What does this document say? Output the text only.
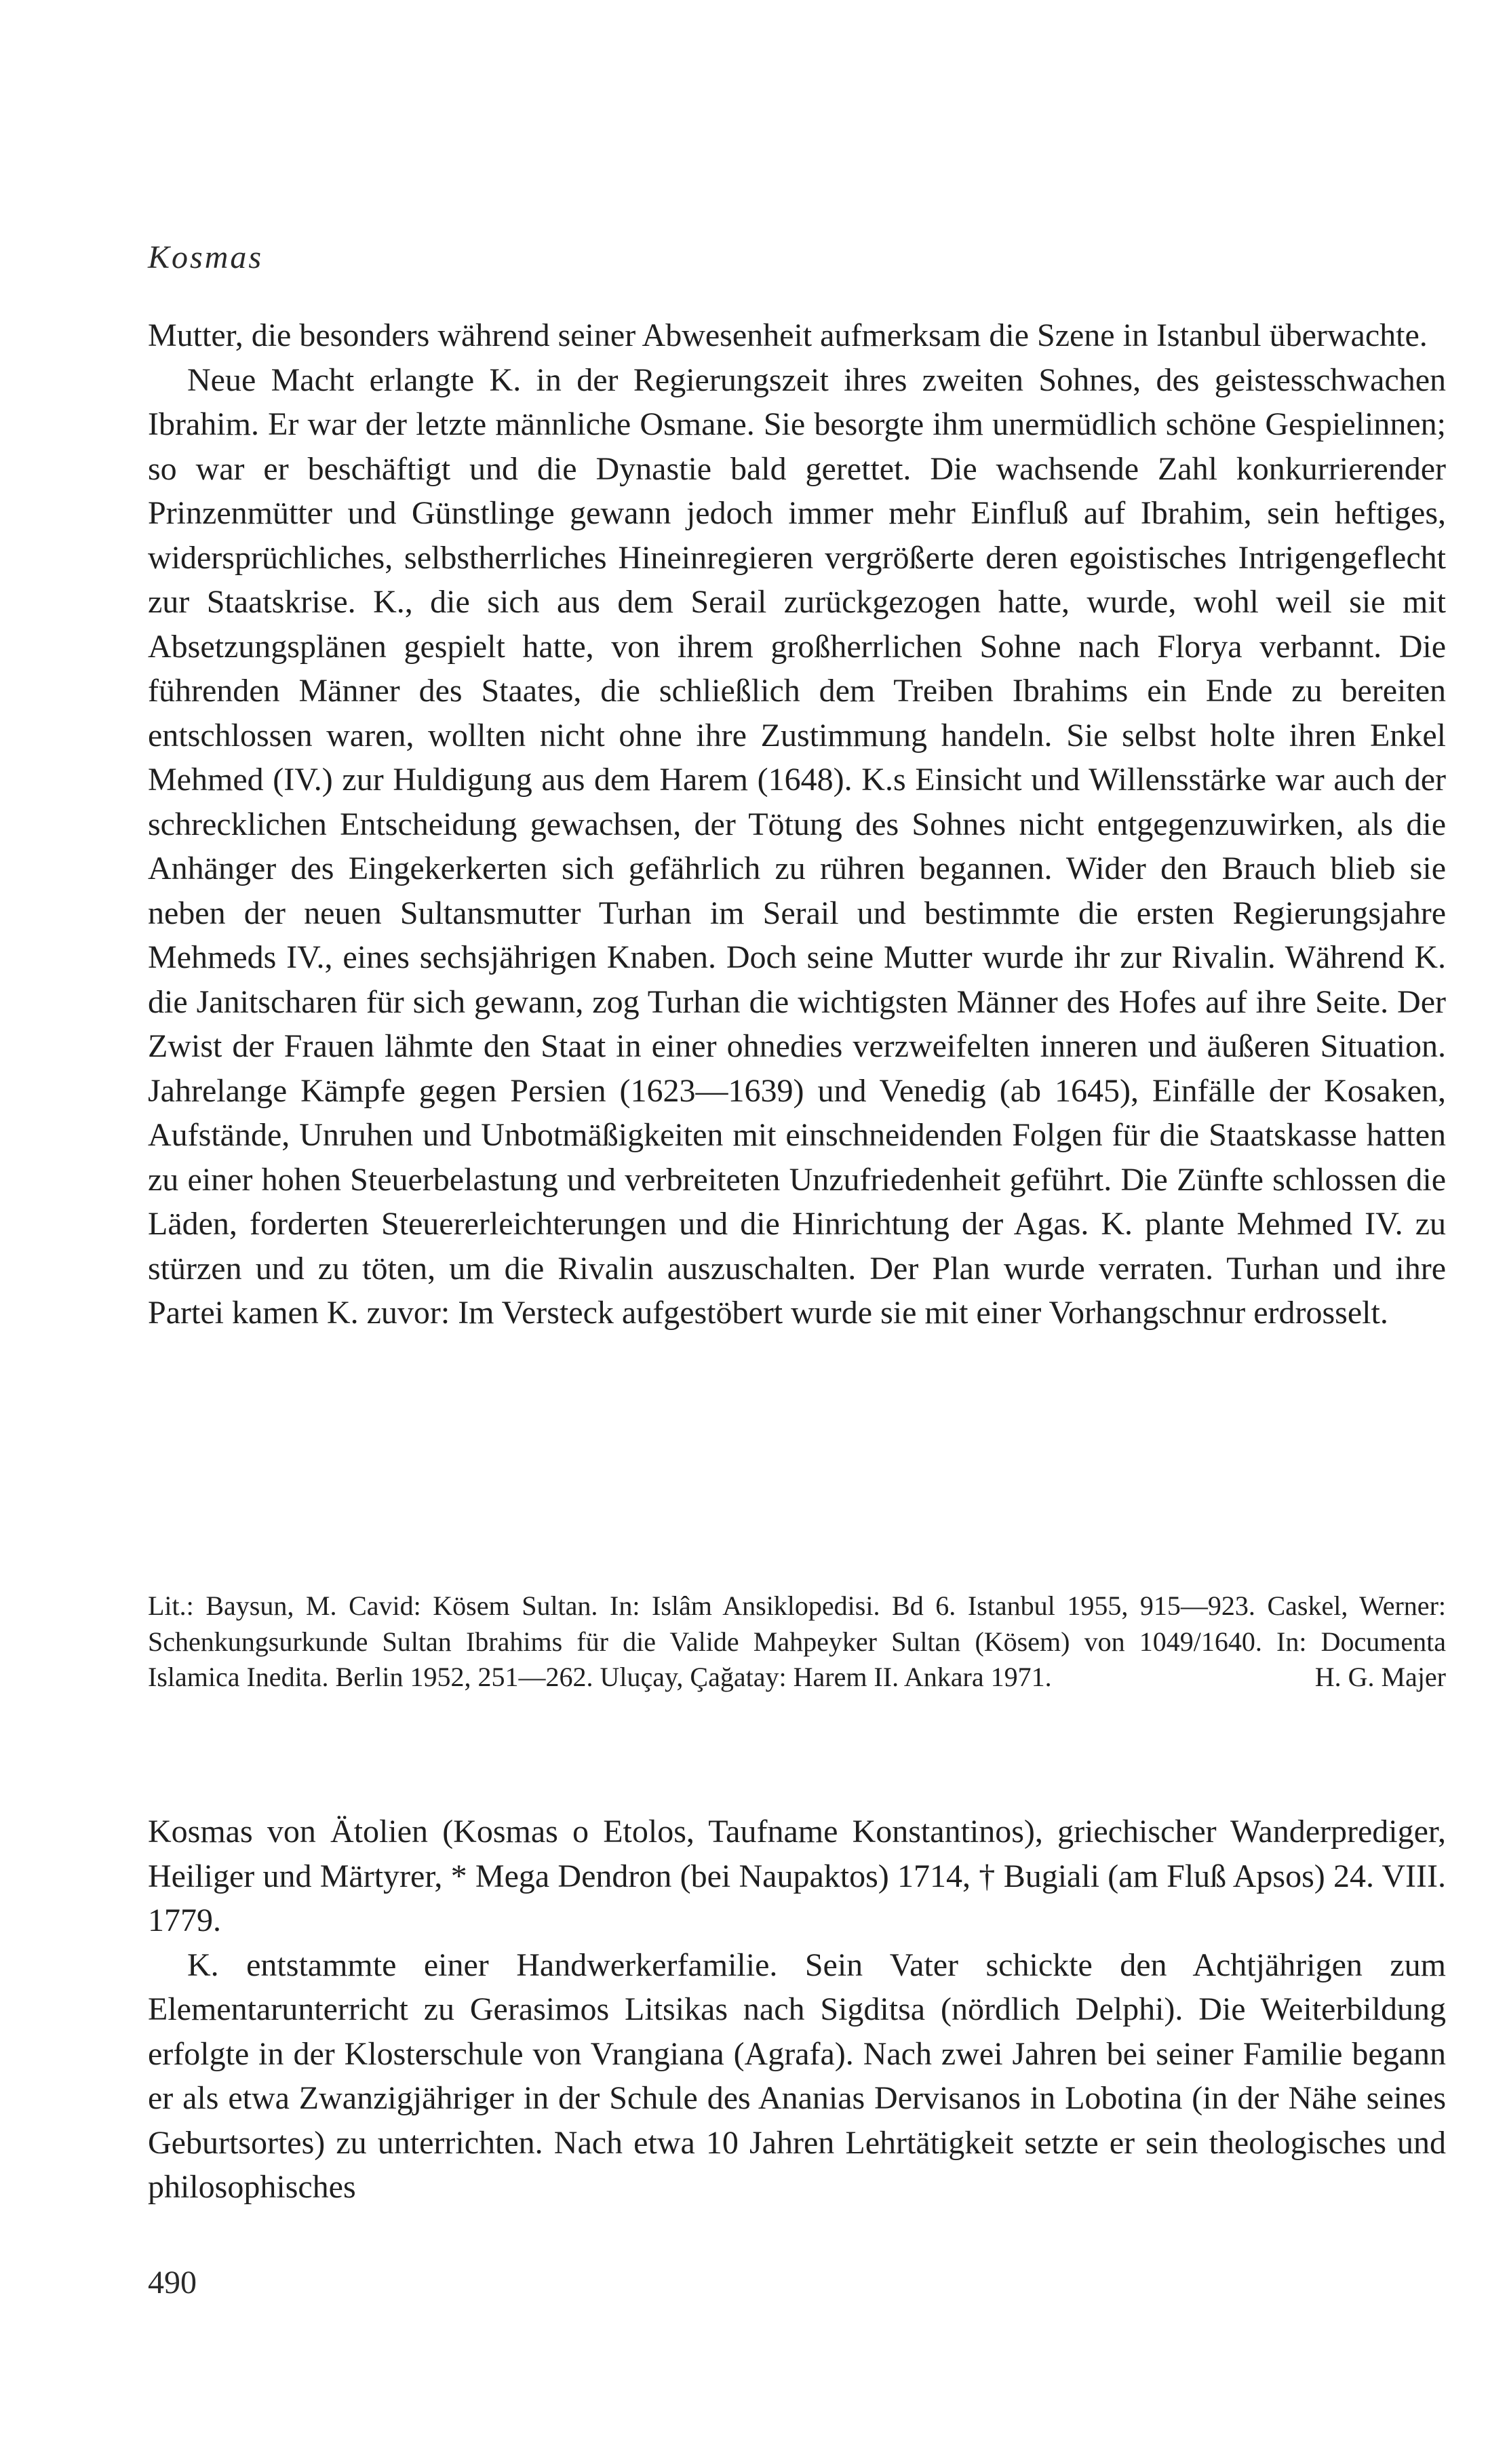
Kosmas

Mutter, die besonders während seiner Abwesenheit aufmerksam die Szene in Istanbul überwachte.

Neue Macht erlangte K. in der Regierungszeit ihres zweiten Sohnes, des geistesschwachen Ibrahim. Er war der letzte männliche Osmane. Sie besorgte ihm unermüdlich schöne Gespielinnen; so war er beschäftigt und die Dynastie bald gerettet. Die wachsende Zahl konkurrierender Prinzenmütter und Günstlinge gewann jedoch immer mehr Einfluß auf Ibrahim, sein heftiges, widersprüchliches, selbstherrliches Hineinregieren vergrößerte deren egoistisches Intrigengeflecht zur Staatskrise. K., die sich aus dem Serail zurückgezogen hatte, wurde, wohl weil sie mit Absetzungsplänen gespielt hatte, von ihrem großherrlichen Sohne nach Florya verbannt. Die führenden Männer des Staates, die schließlich dem Treiben Ibrahims ein Ende zu bereiten entschlossen waren, wollten nicht ohne ihre Zustimmung handeln. Sie selbst holte ihren Enkel Mehmed (IV.) zur Huldigung aus dem Harem (1648). K.s Einsicht und Willensstärke war auch der schrecklichen Entscheidung gewachsen, der Tötung des Sohnes nicht entgegenzuwirken, als die Anhänger des Eingekerkerten sich gefährlich zu rühren begannen. Wider den Brauch blieb sie neben der neuen Sultansmutter Turhan im Serail und bestimmte die ersten Regierungsjahre Mehmeds IV., eines sechsjährigen Knaben. Doch seine Mutter wurde ihr zur Rivalin. Während K. die Janitscharen für sich gewann, zog Turhan die wichtigsten Männer des Hofes auf ihre Seite. Der Zwist der Frauen lähmte den Staat in einer ohnedies verzweifelten inneren und äußeren Situation. Jahrelange Kämpfe gegen Persien (1623—1639) und Venedig (ab 1645), Einfälle der Kosaken, Aufstände, Unruhen und Unbotmäßigkeiten mit einschneidenden Folgen für die Staatskasse hatten zu einer hohen Steuerbelastung und verbreiteten Unzufriedenheit geführt. Die Zünfte schlossen die Läden, forderten Steuererleichterungen und die Hinrichtung der Agas. K. plante Mehmed IV. zu stürzen und zu töten, um die Rivalin auszuschalten. Der Plan wurde verraten. Turhan und ihre Partei kamen K. zuvor: Im Versteck aufgestöbert wurde sie mit einer Vorhangschnur erdrosselt.

Lit.: Baysun, M. Cavid: Kösem Sultan. In: Islâm Ansiklopedisi. Bd 6. Istanbul 1955, 915—923. Caskel, Werner: Schenkungsurkunde Sultan Ibrahims für die Valide Mahpeyker Sultan (Kösem) von 1049/1640. In: Documenta Islamica Inedita. Berlin 1952, 251—262. Uluçay, Çağatay: Harem II. Ankara 1971.	H. G. Majer

Kosmas von Ätolien (Kosmas o Etolos, Taufname Konstantinos), griechischer Wanderprediger, Heiliger und Märtyrer, * Mega Dendron (bei Naupaktos) 1714, † Bugiali (am Fluß Apsos) 24. VIII. 1779.

K. entstammte einer Handwerkerfamilie. Sein Vater schickte den Achtjährigen zum Elementarunterricht zu Gerasimos Litsikas nach Sigditsa (nördlich Delphi). Die Weiterbildung erfolgte in der Klosterschule von Vrangiana (Agrafa). Nach zwei Jahren bei seiner Familie begann er als etwa Zwanzigjähriger in der Schule des Ananias Dervisanos in Lobotina (in der Nähe seines Geburtsortes) zu unterrichten. Nach etwa 10 Jahren Lehrtätigkeit setzte er sein theologisches und philosophisches

490
